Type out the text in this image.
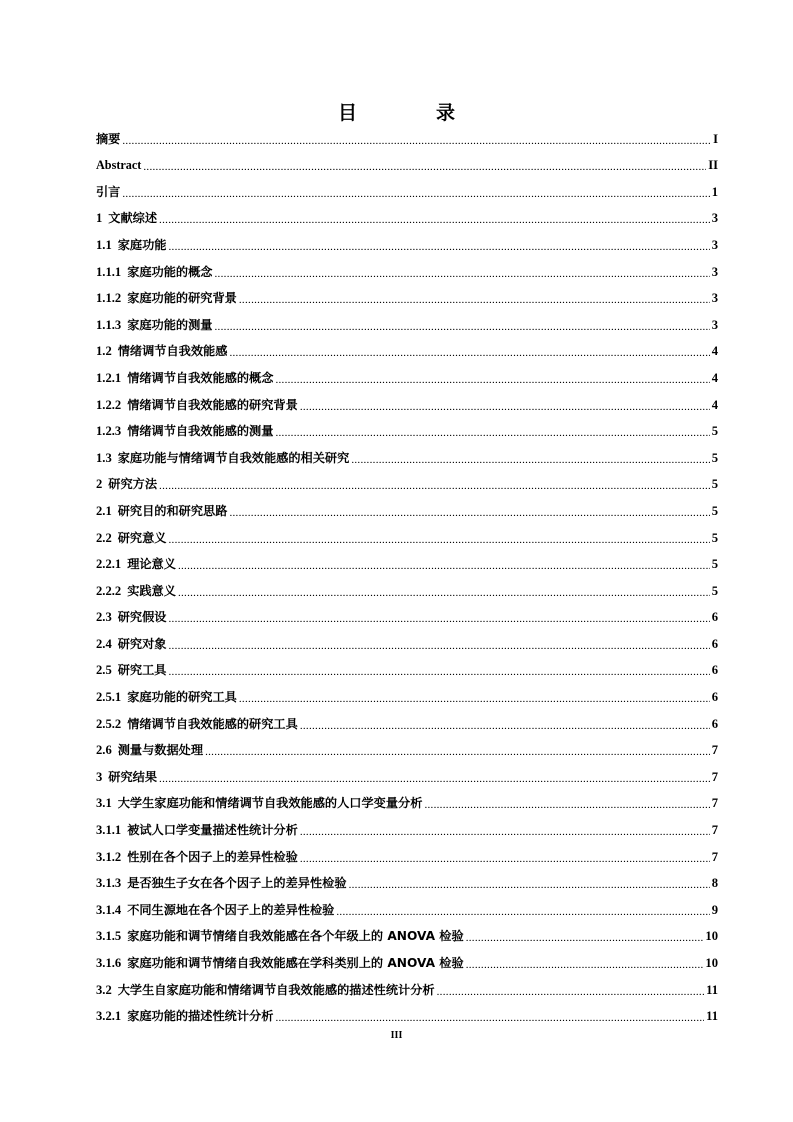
目　录
摘要 .....	I
Abstract .....	II
引言 .....	1
1 文献综述 .....	3
1.1 家庭功能 .....	3
1.1.1 家庭功能的概念 .....	3
1.1.2 家庭功能的研究背景 .....	3
1.1.3 家庭功能的测量 .....	3
1.2 情绪调节自我效能感 .....	4
1.2.1 情绪调节自我效能感的概念 .....	4
1.2.2 情绪调节自我效能感的研究背景 .....	4
1.2.3 情绪调节自我效能感的测量 .....	5
1.3 家庭功能与情绪调节自我效能感的相关研究 .....	5
2 研究方法 .....	5
2.1 研究目的和研究思路 .....	5
2.2 研究意义 .....	5
2.2.1 理论意义 .....	5
2.2.2 实践意义 .....	5
2.3 研究假设 .....	6
2.4 研究对象 .....	6
2.5 研究工具 .....	6
2.5.1 家庭功能的研究工具 .....	6
2.5.2 情绪调节自我效能感的研究工具 .....	6
2.6 测量与数据处理 .....	7
3 研究结果 .....	7
3.1 大学生家庭功能和情绪调节自我效能感的人口学变量分析 .....	7
3.1.1 被试人口学变量描述性统计分析 .....	7
3.1.2 性别在各个因子上的差异性检验 .....	7
3.1.3 是否独生子女在各个因子上的差异性检验 .....	8
3.1.4 不同生源地在各个因子上的差异性检验 .....	9
3.1.5 家庭功能和调节情绪自我效能感在各个年级上的 ANOVA 检验 .....	10
3.1.6 家庭功能和调节情绪自我效能感在学科类别上的 ANOVA 检验 .....	10
3.2 大学生自家庭功能和情绪调节自我效能感的描述性统计分析 .....	11
3.2.1 家庭功能的描述性统计分析 .....	11
III
